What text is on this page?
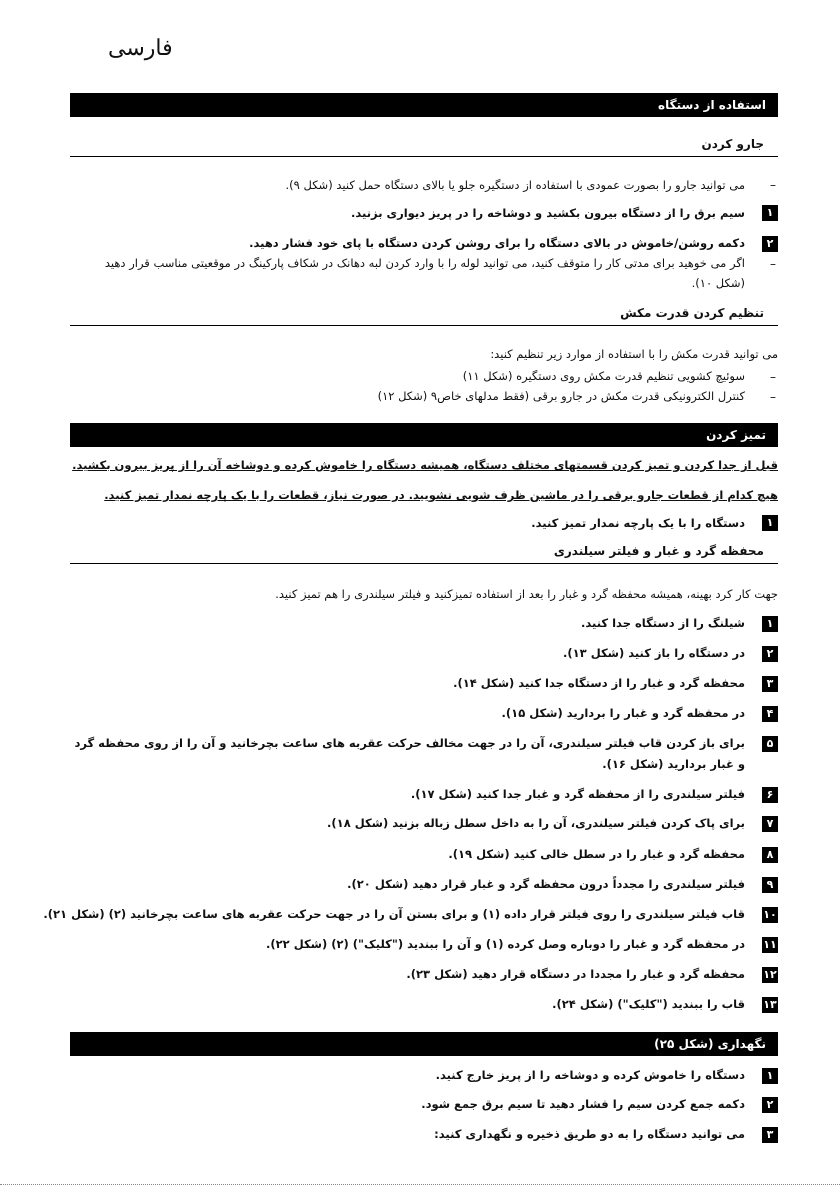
فارسی
استفاده از دستگاه
جارو کردن
–
می توانید جارو را بصورت عمودی با استفاده از دستگیره جلو یا بالای دستگاه حمل کنید (شکل ۹).
۱
سیم برق را از دستگاه بیرون بکشید و دوشاخه را در پریز دیواری بزنید.
۲
دکمه روشن/خاموش در بالای دستگاه را برای روشن کردن دستگاه با پای خود فشار دهید.
–
اگر می خوهید برای مدتی کار را متوقف کنید، می توانید لوله را با وارد کردن لبه دهانک در شکاف پارکینگ در موقعیتی مناسب قرار دهید (شکل ۱۰).
تنظیم کردن قدرت مکش
می توانید قدرت مکش را با استفاده از موارد زیر تنظیم کنید:
–
سوئیچ کشویی تنظیم قدرت مکش روی دستگیره (شکل ۱۱)
–
کنترل الکترونیکی قدرت مکش در جارو برقی (فقط مدلهای خاص۹ (شکل ۱۲)
تمیز کردن
قبل از جدا کردن و تمیز کردن قسمتهای مختلف دستگاه، همیشه دستگاه را خاموش کرده و دوشاخه آن را از پریز بیرون بکشید.
هیچ کدام از قطعات جارو برقی را در ماشین ظرف شویی نشویید. در صورت نیاز، قطعات را با یک پارچه نمدار تمیز کنید.
۱
دستگاه را با یک پارچه نمدار تمیز کنید.
محفظه گرد و غبار و فیلتر سیلندری
جهت کار کرد بهینه، همیشه محفظه گرد و غبار را بعد از استفاده تمیزکنید و فیلتر سیلندری را هم تمیز کنید.
۱
شیلنگ را از دستگاه جدا کنید.
۲
در دستگاه را باز کنید (شکل ۱۳).
۳
محفظه گرد و غبار را از دستگاه جدا کنید (شکل ۱۴).
۴
در محفظه گرد و غبار را بردارید (شکل ۱۵).
۵
برای باز کردن قاب فیلتر سیلندری، آن را در جهت مخالف حرکت عقربه های ساعت بچرخانید و آن را از روی محفظه گرد و غبار بردارید (شکل ۱۶).
۶
فیلتر سیلندری را از محفظه گرد و غبار جدا کنید (شکل ۱۷).
۷
برای پاک کردن فیلتر سیلندری، آن را به داخل سطل زباله بزنید (شکل ۱۸).
۸
محفظه گرد و غبار را در سطل خالی کنید (شکل ۱۹).
۹
فیلتر سیلندری را مجدداً درون محفظه گرد و غبار قرار دهید (شکل ۲۰).
۱۰
قاب فیلتر سیلندری را روی فیلتر قرار داده (۱) و برای بستن آن را در جهت حرکت عقربه های ساعت بچرخانید (۲) (شکل ۲۱).
۱۱
در محفظه گرد و غبار را دوباره وصل کرده (۱) و آن را ببندید ("کلیک") (۲) (شکل ۲۲).
۱۲
محفظه گرد و غبار را مجددا در دستگاه قرار دهید (شکل ۲۳).
۱۳
قاب را ببندید ("کلیک") (شکل ۲۴).
نگهداری (شکل ۲۵)
۱
دستگاه را خاموش کرده و دوشاخه را از پریز خارج کنید.
۲
دکمه جمع کردن سیم را فشار دهید تا سیم برق جمع شود.
۳
می توانید دستگاه را به دو طریق ذخیره و نگهداری کنید:
